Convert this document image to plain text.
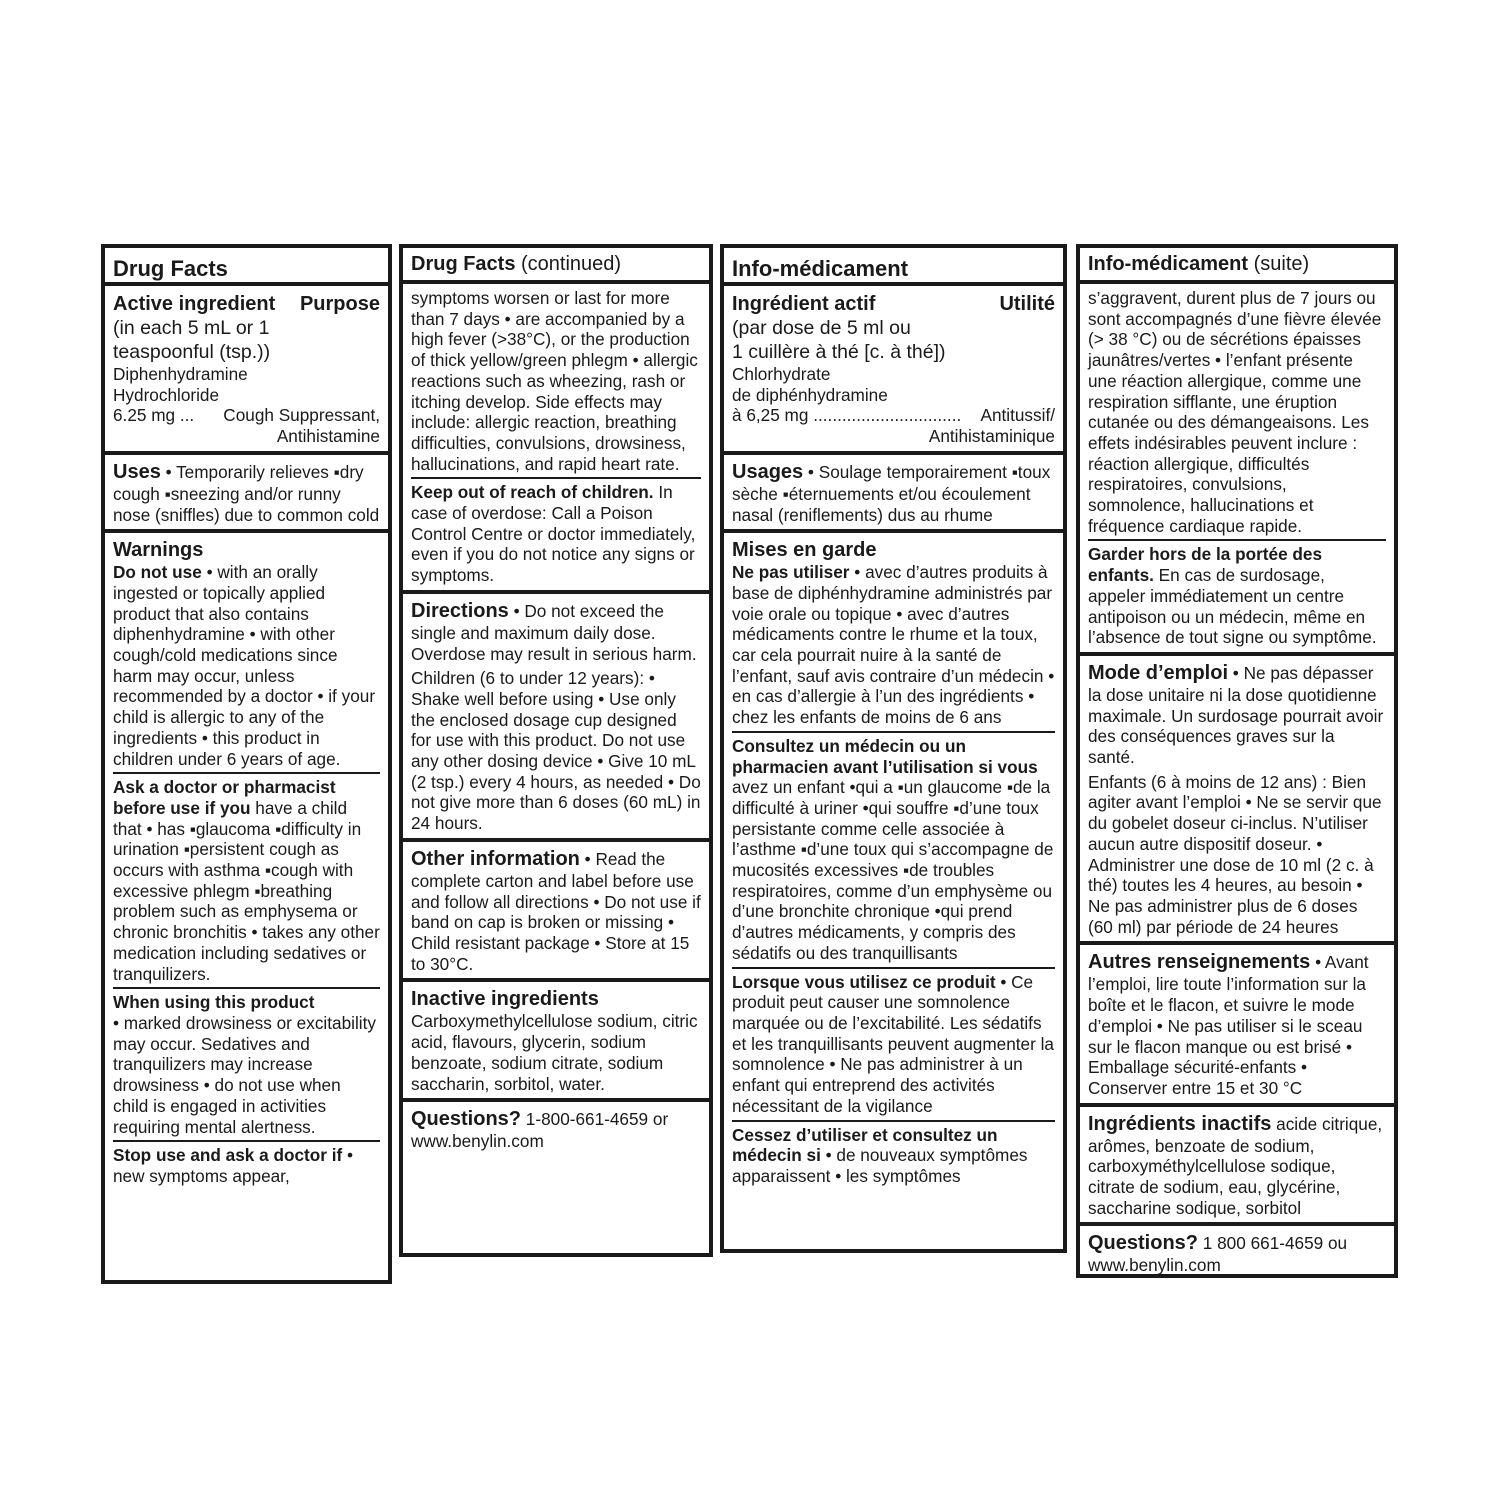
Drug Facts
Active ingredient Purpose

(in each 5 mL or 1

teaspoonful (tsp.))

Diphenhydramine

Hydrochloride

6.25 mg ... Cough Suppressant,

Antihistamine

Uses • Temporarily relieves ▪dry cough ▪sneezing and/or runny nose (sniffles) due to common cold

Warnings

Do not use • with an orally ingested or topically applied product that also contains diphenhydramine • with other cough/cold medications since harm may occur, unless recommended by a doctor • if your child is allergic to any of the ingredients • this product in children under 6 years of age.

Ask a doctor or pharmacist before use if you have a child that • has ▪glaucoma ▪difficulty in urination ▪persistent cough as occurs with asthma ▪cough with excessive phlegm ▪breathing problem such as emphysema or chronic bronchitis • takes any other medication including sedatives or tranquilizers.

When using this product

• marked drowsiness or excitability may occur. Sedatives and tranquilizers may increase drowsiness • do not use when child is engaged in activities requiring mental alertness.

Stop use and ask a doctor if • new symptoms appear,

Drug Facts (continued)

symptoms worsen or last for more than 7 days • are accompanied by a high fever (>38°C), or the production of thick yellow/green phlegm • allergic reactions such as wheezing, rash or itching develop. Side effects may include: allergic reaction, breathing difficulties, convulsions, drowsiness, hallucinations, and rapid heart rate.

Keep out of reach of children. In case of overdose: Call a Poison Control Centre or doctor immediately, even if you do not notice any signs or symptoms.

Directions • Do not exceed the single and maximum daily dose. Overdose may result in serious harm.

Children (6 to under 12 years): • Shake well before using • Use only the enclosed dosage cup designed for use with this product. Do not use any other dosing device • Give 10 mL (2 tsp.) every 4 hours, as needed • Do not give more than 6 doses (60 mL) in 24 hours.

Other information • Read the complete carton and label before use and follow all directions • Do not use if band on cap is broken or missing • Child resistant package • Store at 15 to 30°C.

Inactive ingredients

Carboxymethylcellulose sodium, citric acid, flavours, glycerin, sodium benzoate, sodium citrate, sodium saccharin, sorbitol, water.

Questions? 1-800-661-4659 or

www.benylin.com

Info-médicament
Ingrédient actif	Utilité

(par dose de 5 ml ou

1 cuillère à thé [c. à thé])

Chlorhydrate

de diphénhydramine

à 6,25 mg ............................... Antitussif/

Antihistaminique

Usages • Soulage temporairement ▪toux sèche ▪éternuements et/ou écoulement nasal (reniflements) dus au rhume

Mises en garde

Ne pas utiliser • avec d’autres produits à base de diphénhydramine administrés par voie orale ou topique • avec d’autres médicaments contre le rhume et la toux, car cela pourrait nuire à la santé de l’enfant, sauf avis contraire d’un médecin • en cas d’allergie à l’un des ingrédients • chez les enfants de moins de 6 ans

Consultez un médecin ou un pharmacien avant l’utilisation si vous avez un enfant •qui a ▪un glaucome ▪de la difficulté à uriner •qui souffre ▪d’une toux persistante comme celle associée à l’asthme ▪d’une toux qui s’accompagne de mucosités excessives ▪de troubles respiratoires, comme d’un emphysème ou d’une bronchite chronique •qui prend d’autres médicaments, y compris des sédatifs ou des tranquillisants

Lorsque vous utilisez ce produit • Ce produit peut causer une somnolence marquée ou de l’excitabilité. Les sédatifs et les tranquillisants peuvent augmenter la somnolence • Ne pas administrer à un enfant qui entreprend des activités nécessitant de la vigilance

Cessez d’utiliser et consultez un médecin si • de nouveaux symptômes apparaissent • les symptômes

Info-médicament (suite)

s’aggravent, durent plus de 7 jours ou sont accompagnés d’une fièvre élevée (> 38 °C) ou de sécrétions épaisses jaunâtres/vertes • l’enfant présente une réaction allergique, comme une respiration sifflante, une éruption cutanée ou des démangeaisons. Les effets indésirables peuvent inclure : réaction allergique, difficultés respiratoires, convulsions, somnolence, hallucinations et fréquence cardiaque rapide.

Garder hors de la portée des enfants. En cas de surdosage, appeler immédiatement un centre antipoison ou un médecin, même en l’absence de tout signe ou symptôme.

Mode d’emploi • Ne pas dépasser la dose unitaire ni la dose quotidienne maximale. Un surdosage pourrait avoir des conséquences graves sur la santé.

Enfants (6 à moins de 12 ans) : Bien agiter avant l’emploi • Ne se servir que du gobelet doseur ci-inclus. N’utiliser aucun autre dispositif doseur. • Administrer une dose de 10 ml (2 c. à thé) toutes les 4 heures, au besoin • Ne pas administrer plus de 6 doses (60 ml) par période de 24 heures

Autres renseignements • Avant l’emploi, lire toute l’information sur la boîte et le flacon, et suivre le mode d’emploi • Ne pas utiliser si le sceau sur le flacon manque ou est brisé • Emballage sécurité-enfants • Conserver entre 15 et 30 °C

Ingrédients inactifs acide citrique, arômes, benzoate de sodium, carboxyméthylcellulose sodique, citrate de sodium, eau, glycérine, saccharine sodique, sorbitol

Questions? 1 800 661-4659 ou

www.benylin.com
